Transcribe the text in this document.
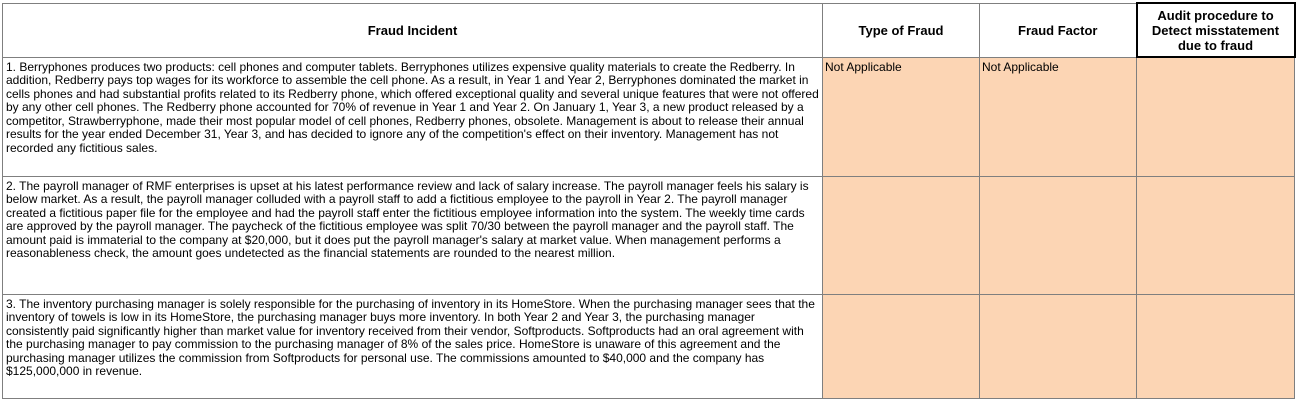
Fraud Incident	Type of Fraud	Fraud Factor	Audit procedure to Detect misstatement due to fraud
1. Berryphones produces two products: cell phones and computer tablets. Berryphones utilizes expensive quality materials to create the Redberry. In addition, Redberry pays top wages for its workforce to assemble the cell phone. As a result, in Year 1 and Year 2, Berryphones dominated the market in cells phones and had substantial profits related to its Redberry phone, which offered exceptional quality and several unique features that were not offered by any other cell phones. The Redberry phone accounted for 70% of revenue in Year 1 and Year 2. On January 1, Year 3, a new product released by a competitor, Strawberryphone, made their most popular model of cell phones, Redberry phones, obsolete. Management is about to release their annual results for the year ended December 31, Year 3, and has decided to ignore any of the competition's effect on their inventory. Management has not recorded any fictitious sales.	Not Applicable	Not Applicable	
2. The payroll manager of RMF enterprises is upset at his latest performance review and lack of salary increase. The payroll manager feels his salary is below market. As a result, the payroll manager colluded with a payroll staff to add a fictitious employee to the payroll in Year 2. The payroll manager created a fictitious paper file for the employee and had the payroll staff enter the fictitious employee information into the system. The weekly time cards are approved by the payroll manager. The paycheck of the fictitious employee was split 70/30 between the payroll manager and the payroll staff. The amount paid is immaterial to the company at $20,000, but it does put the payroll manager's salary at market value. When management performs a reasonableness check, the amount goes undetected as the financial statements are rounded to the nearest million.			
3. The inventory purchasing manager is solely responsible for the purchasing of inventory in its HomeStore. When the purchasing manager sees that the inventory of towels is low in its HomeStore, the purchasing manager buys more inventory. In both Year 2 and Year 3, the purchasing manager consistently paid significantly higher than market value for inventory received from their vendor, Softproducts. Softproducts had an oral agreement with the purchasing manager to pay commission to the purchasing manager of 8% of the sales price. HomeStore is unaware of this agreement and the purchasing manager utilizes the commission from Softproducts for personal use. The commissions amounted to $40,000 and the company has $125,000,000 in revenue.			
